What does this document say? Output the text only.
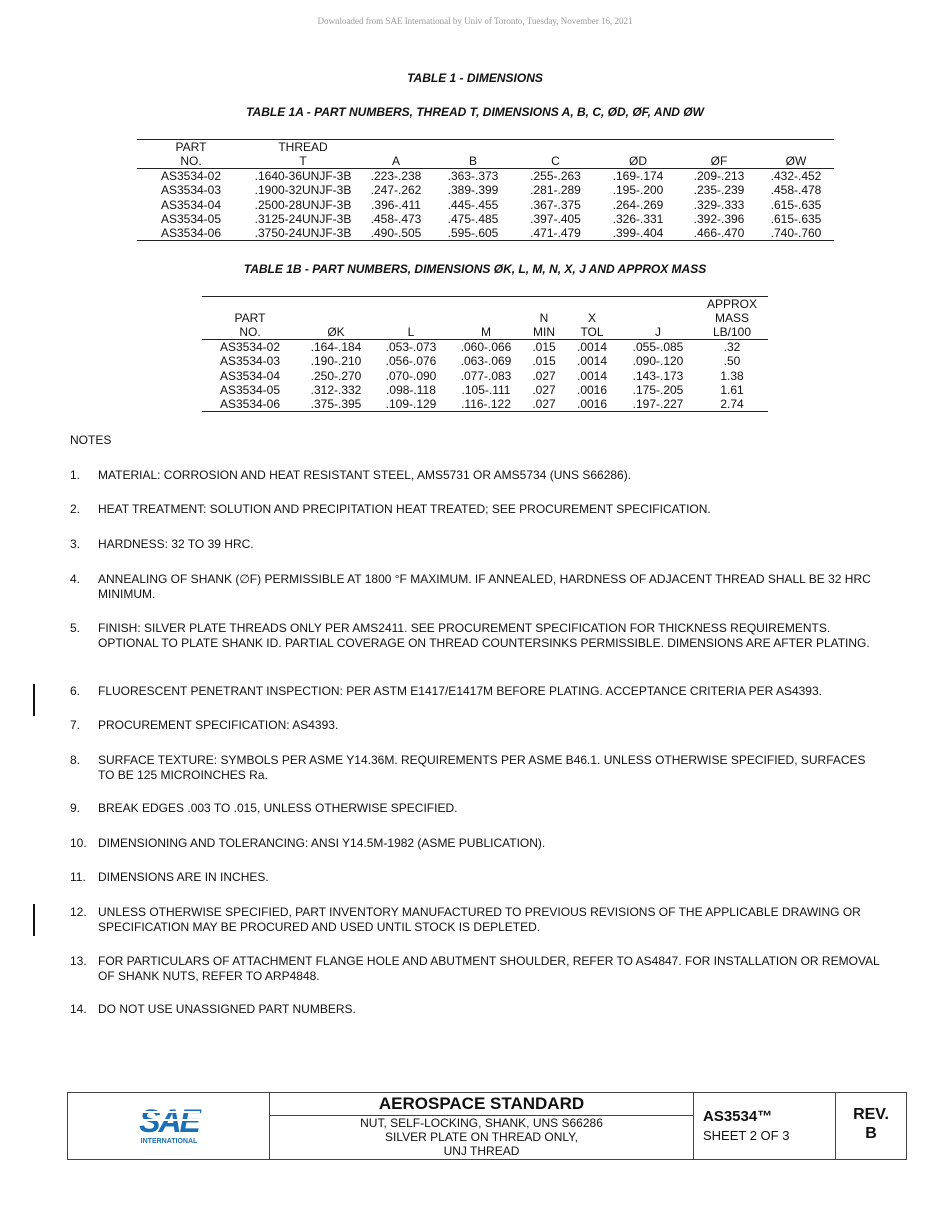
Downloaded from SAE International by Univ of Toronto, Tuesday, November 16, 2021
TABLE 1 - DIMENSIONS
TABLE 1A - PART NUMBERS, THREAD T, DIMENSIONS A, B, C, ØD, ØF, AND ØW
PART	THREAD						
NO.	T	A	B	C	ØD	ØF	ØW
AS3534-02	.1640-36UNJF-3B	.223-.238	.363-.373	.255-.263	.169-.174	.209-.213	.432-.452
AS3534-03	.1900-32UNJF-3B	.247-.262	.389-.399	.281-.289	.195-.200	.235-.239	.458-.478
AS3534-04	.2500-28UNJF-3B	.396-.411	.445-.455	.367-.375	.264-.269	.329-.333	.615-.635
AS3534-05	.3125-24UNJF-3B	.458-.473	.475-.485	.397-.405	.326-.331	.392-.396	.615-.635
AS3534-06	.3750-24UNJF-3B	.490-.505	.595-.605	.471-.479	.399-.404	.466-.470	.740-.760
TABLE 1B - PART NUMBERS, DIMENSIONS ØK, L, M, N, X, J AND APPROX MASS
							APPROX
PART				N	X		MASS
NO.	ØK	L	M	MIN	TOL	J	LB/100
AS3534-02	.164-.184	.053-.073	.060-.066	.015	.0014	.055-.085	.32
AS3534-03	.190-.210	.056-.076	.063-.069	.015	.0014	.090-.120	.50
AS3534-04	.250-.270	.070-.090	.077-.083	.027	.0014	.143-.173	1.38
AS3534-05	.312-.332	.098-.118	.105-.111	.027	.0016	.175-.205	1.61
AS3534-06	.375-.395	.109-.129	.116-.122	.027	.0016	.197-.227	2.74
NOTES
1. MATERIAL: CORROSION AND HEAT RESISTANT STEEL, AMS5731 OR AMS5734 (UNS S66286).
2. HEAT TREATMENT: SOLUTION AND PRECIPITATION HEAT TREATED; SEE PROCUREMENT SPECIFICATION.
3. HARDNESS: 32 TO 39 HRC.
4. ANNEALING OF SHANK (∅F) PERMISSIBLE AT 1800 °F MAXIMUM. IF ANNEALED, HARDNESS OF ADJACENT THREAD SHALL BE 32 HRC MINIMUM.
5. FINISH: SILVER PLATE THREADS ONLY PER AMS2411. SEE PROCUREMENT SPECIFICATION FOR THICKNESS REQUIREMENTS. OPTIONAL TO PLATE SHANK ID. PARTIAL COVERAGE ON THREAD COUNTERSINKS PERMISSIBLE. DIMENSIONS ARE AFTER PLATING.
6. FLUORESCENT PENETRANT INSPECTION: PER ASTM E1417/E1417M BEFORE PLATING. ACCEPTANCE CRITERIA PER AS4393.
7. PROCUREMENT SPECIFICATION: AS4393.
8. SURFACE TEXTURE: SYMBOLS PER ASME Y14.36M. REQUIREMENTS PER ASME B46.1. UNLESS OTHERWISE SPECIFIED, SURFACES TO BE 125 MICROINCHES Ra.
9. BREAK EDGES .003 TO .015, UNLESS OTHERWISE SPECIFIED.
10. DIMENSIONING AND TOLERANCING: ANSI Y14.5M-1982 (ASME PUBLICATION).
11. DIMENSIONS ARE IN INCHES.
12. UNLESS OTHERWISE SPECIFIED, PART INVENTORY MANUFACTURED TO PREVIOUS REVISIONS OF THE APPLICABLE DRAWING OR SPECIFICATION MAY BE PROCURED AND USED UNTIL STOCK IS DEPLETED.
13. FOR PARTICULARS OF ATTACHMENT FLANGE HOLE AND ABUTMENT SHOULDER, REFER TO AS4847. FOR INSTALLATION OR REMOVAL OF SHANK NUTS, REFER TO ARP4848.
14. DO NOT USE UNASSIGNED PART NUMBERS.
SAE
INTERNATIONAL
AEROSPACE STANDARD
NUT, SELF-LOCKING, SHANK, UNS S66286
SILVER PLATE ON THREAD ONLY,
UNJ THREAD
AS3534™
SHEET 2 OF 3
REV.
B
